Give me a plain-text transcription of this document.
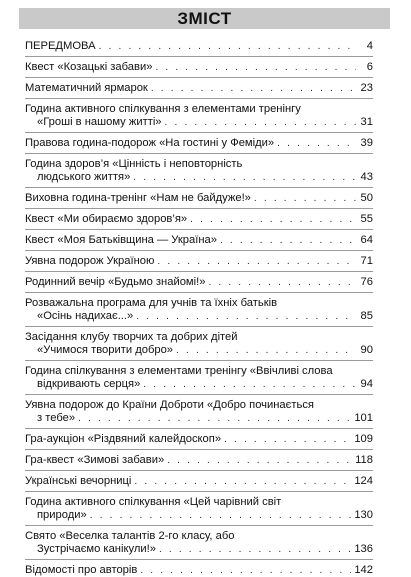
ЗМІСТ
ПЕРЕДМОВА . . .	4
Квест «Козацькі забави» . . .	6
Математичний ярмарок . . .	23
Година активного спілкування з елементами тренінгу
«Гроші в нашому житті» . . .	31
Правова година-подорож «На гостині у Феміди» . . .	39
Година здоров’я «Цінність і неповторність
людського життя» . . .	43
Виховна година-тренінг «Нам не байдуже!» . . .	50
Квест «Ми обираємо здоров’я» . . .	55
Квест «Моя Батьківщина — Україна» . . .	64
Уявна подорож Україною . . .	71
Родинний вечір «Будьмо знайомі!» . . .	76
Розважальна програма для учнів та їхніх батьків
«Осінь надихає...» . . .	85
Засідання клубу творчих та добрих дітей
«Учимося творити добро» . . .	90
Година спілкування з елементами тренінгу «Ввічливі слова
відкривають серця» . . .	94
Уявна подорож до Країни Доброти «Добро починається
з тебе» . . .	101
Гра-аукціон «Різдвяний калейдоскоп» . . .	109
Гра-квест «Зимові забави» . . .	118
Українські вечорниці . . .	124
Година активного спілкування «Цей чарівний світ
природи» . . .	130
Свято «Веселка талантів 2-го класу, або
Зустрічаємо канікули!» . . .	136
Відомості про авторів . . .	142
